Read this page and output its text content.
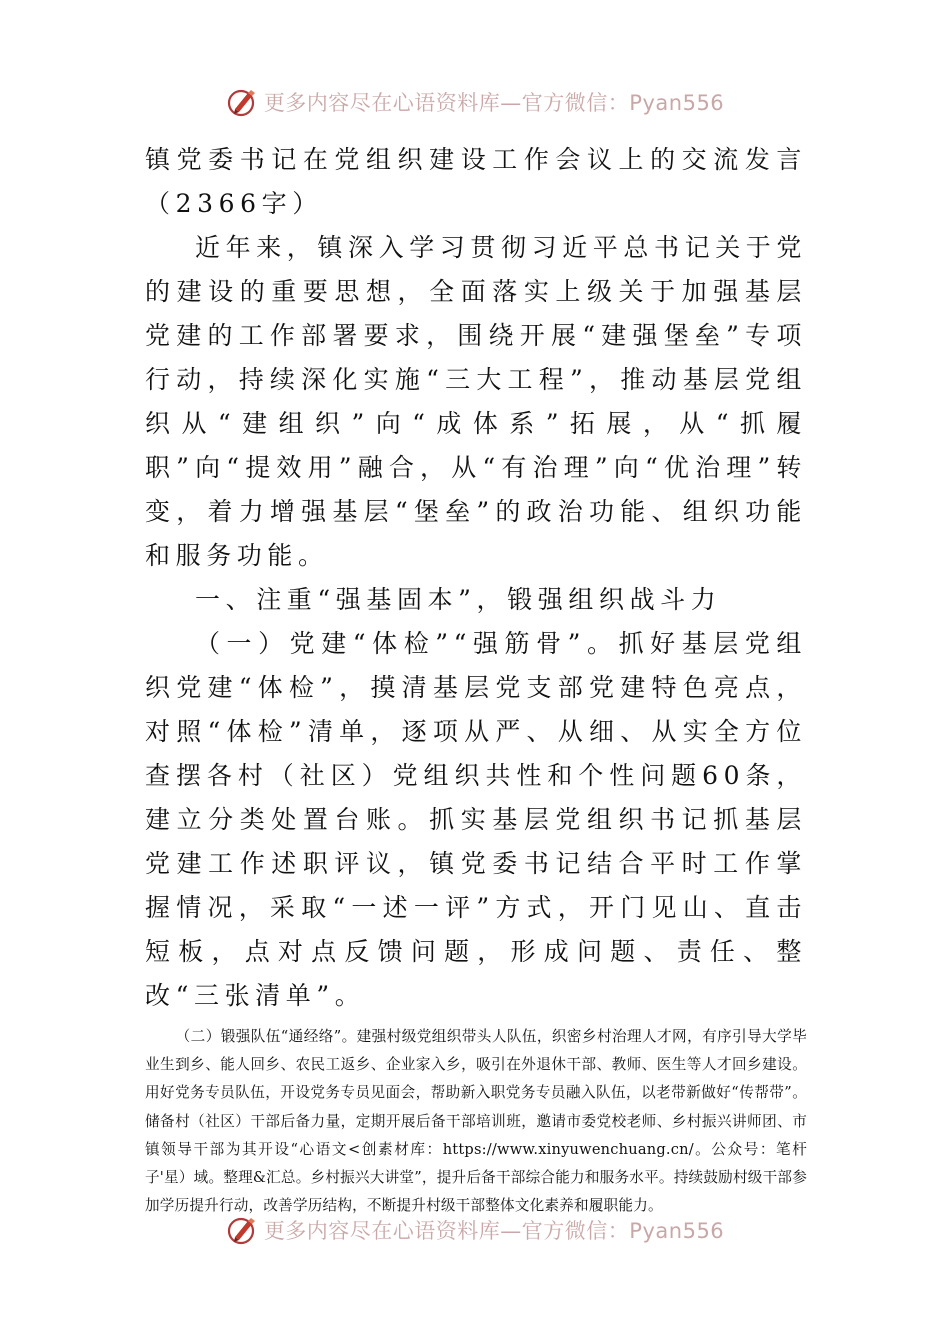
更多内容尽在心语资料库—官方微信：Pyan556
镇党委书记在党组织建设工作会议上的交流发言（2366字）

近年来，镇深入学习贯彻习近平总书记关于党的建设的重要思想，全面落实上级关于加强基层党建的工作部署要求，围绕开展“建强堡垒”专项行动，持续深化实施“三大工程”，推动基层党组织从“建组织”向“成体系”拓展，从“抓履职”向“提效用”融合，从“有治理”向“优治理”转变，着力增强基层“堡垒”的政治功能、组织功能和服务功能。

一、注重“强基固本”，锻强组织战斗力

（一）党建“体检”“强筋骨”。抓好基层党组织党建“体检”，摸清基层党支部党建特色亮点，对照“体检”清单，逐项从严、从细、从实全方位查摆各村（社区）党组织共性和个性问题60条，建立分类处置台账。抓实基层党组织书记抓基层党建工作述职评议，镇党委书记结合平时工作掌握情况，采取“一述一评”方式，开门见山、直击短板，点对点反馈问题，形成问题、责任、整改“三张清单”。

（二）锻强队伍“通经络”。建强村级党组织带头人队伍，织密乡村治理人才网，有序引导大学毕业生到乡、能人回乡、农民工返乡、企业家入乡，吸引在外退休干部、教师、医生等人才回乡建设。用好党务专员队伍，开设党务专员见面会，帮助新入职党务专员融入队伍，以老带新做好“传帮带”。储备村（社区）干部后备力量，定期开展后备干部培训班，邀请市委党校老师、乡村振兴讲师团、市镇领导干部为其开设“心语文<创素材库：https://www.xinyuwenchuang.cn/。公众号：笔杆子'星）域。整理&汇总。乡村振兴大讲堂”，提升后备干部综合能力和服务水平。持续鼓励村级干部参加学历提升行动，改善学历结构，不断提升村级干部整体文化素养和履职能力。

更多内容尽在心语资料库—官方微信：Pyan556
